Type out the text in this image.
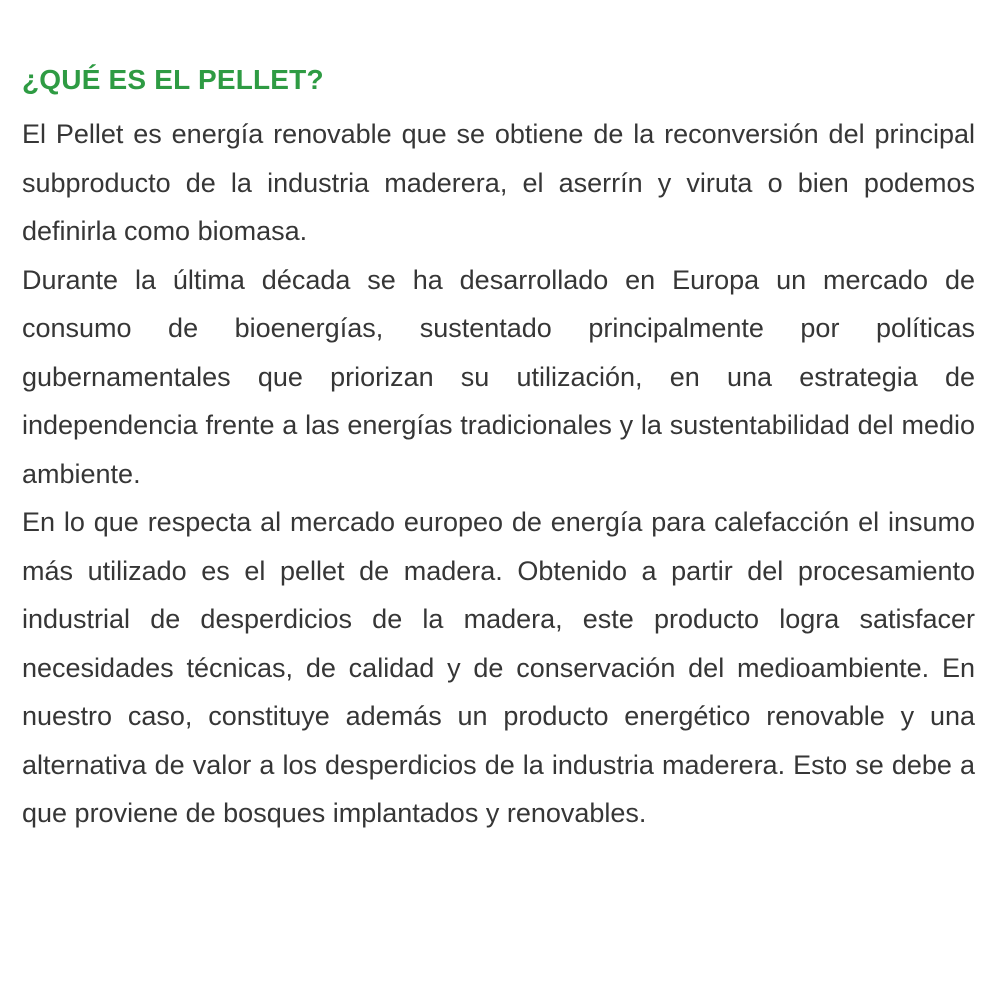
¿QUÉ ES EL PELLET?

El Pellet es energía renovable que se obtiene de la reconversión del principal subproducto de la industria maderera, el aserrín y viruta o bien podemos definirla como biomasa.

Durante la última década se ha desarrollado en Europa un mercado de consumo de bioenergías, sustentado principalmente por políticas gubernamentales que priorizan su utilización, en una estrategia de independencia frente a las energías tradicionales y la sustentabilidad del medio ambiente.

En lo que respecta al mercado europeo de energía para calefacción el insumo más utilizado es el pellet de madera. Obtenido a partir del procesamiento industrial de desperdicios de la madera, este producto logra satisfacer necesidades técnicas, de calidad y de conservación del medioambiente. En nuestro caso, constituye además un producto energético renovable y una alternativa de valor a los desperdicios de la industria maderera. Esto se debe a que proviene de bosques implantados y renovables.
